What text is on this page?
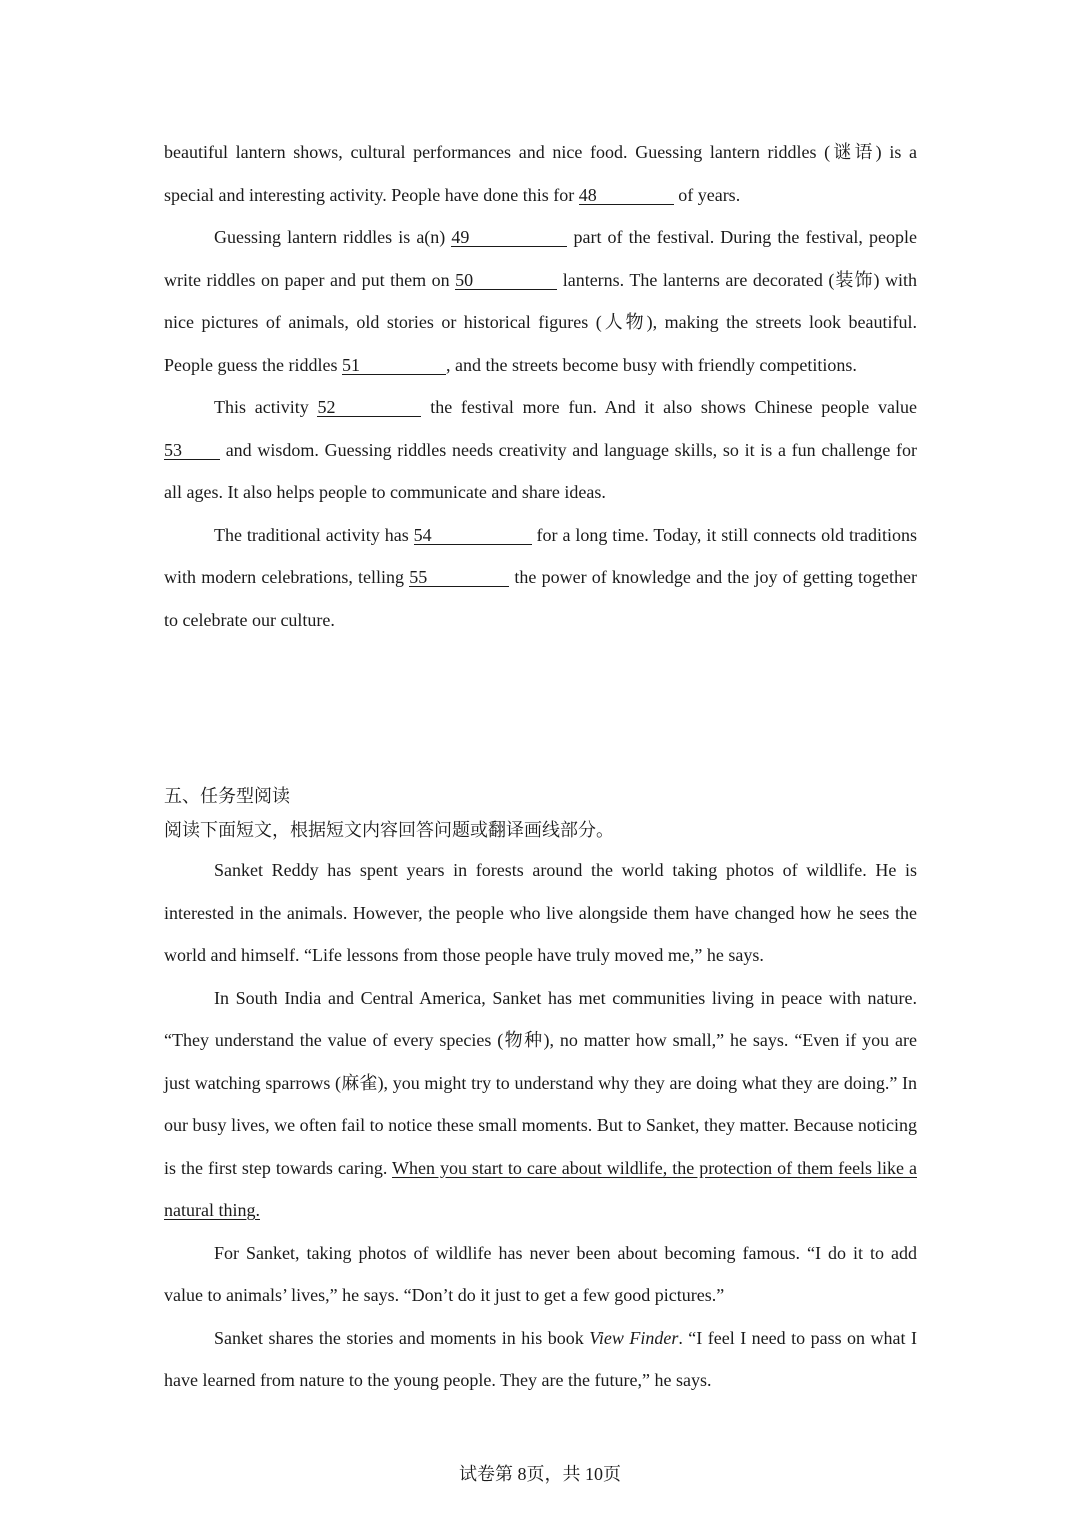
beautiful lantern shows, cultural performances and nice food. Guessing lantern riddles (谜语) is a special and interesting activity. People have done this for 48	of years.

Guessing lantern riddles is a(n) 49	part of the festival. During the festival, people write riddles on paper and put them on 50	lanterns. The lanterns are decorated (装饰) with nice pictures of animals, old stories or historical figures (人物), making the streets look beautiful. People guess the riddles 51	, and the streets become busy with friendly competitions.

This activity 52	the festival more fun. And it also shows Chinese people value 53 and wisdom. Guessing riddles needs creativity and language skills, so it is a fun challenge for all ages. It also helps people to communicate and share ideas.

The traditional activity has 54	for a long time. Today, it still connects old traditions with modern celebrations, telling 55	the power of knowledge and the joy of getting together to celebrate our culture.

五、任务型阅读

阅读下面短文，根据短文内容回答问题或翻译画线部分。

Sanket Reddy has spent years in forests around the world taking photos of wildlife. He is interested in the animals. However, the people who live alongside them have changed how he sees the world and himself. “Life lessons from those people have truly moved me,” he says.

In South India and Central America, Sanket has met communities living in peace with nature. “They understand the value of every species (物种), no matter how small,” he says. “Even if you are just watching sparrows (麻雀), you might try to understand why they are doing what they are doing.” In our busy lives, we often fail to notice these small moments. But to Sanket, they matter. Because noticing is the first step towards caring. When you start to care about wildlife, the protection of them feels like a natural thing.

For Sanket, taking photos of wildlife has never been about becoming famous. “I do it to add value to animals’ lives,” he says. “Don’t do it just to get a few good pictures.”

Sanket shares the stories and moments in his book View Finder. “I feel I need to pass on what I have learned from nature to the young people. They are the future,” he says.

试卷第 8页，共 10页
